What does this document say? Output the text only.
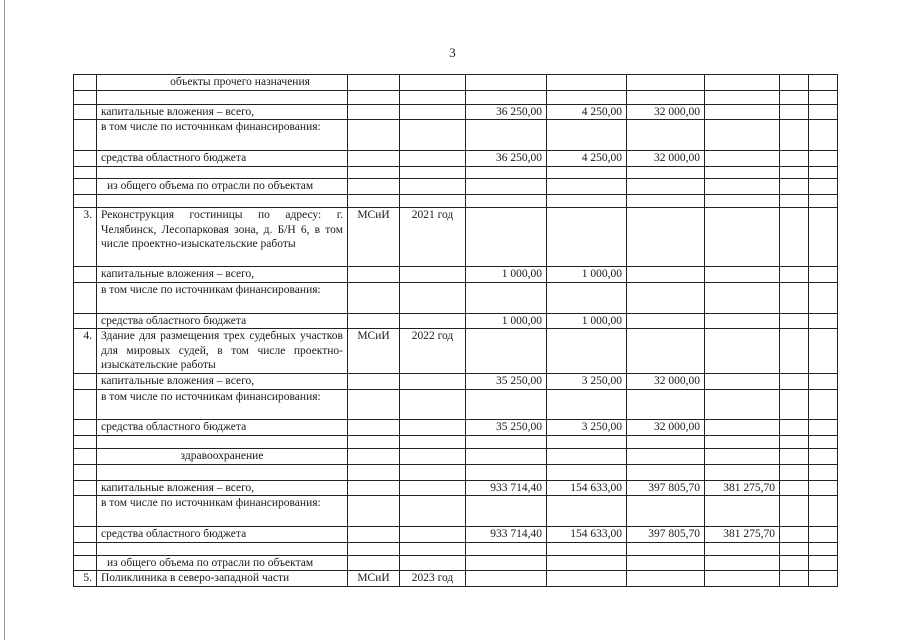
3
	объекты прочего назначения								

	капитальные вложения – всего,			36 250,00	4 250,00	32 000,00			
	в том числе по источникам финансирования:								
	средства областного бюджета			36 250,00	4 250,00	32 000,00			

	из общего объема по отрасли по объектам								

3.	Реконструкция гостиницы по адресу: г. Челябинск, Лесопарковая зона, д. Б/Н 6, в том числе проектно-изыскательские работы	МСиИ	2021 год						
	капитальные вложения – всего,			1 000,00	1 000,00				
	в том числе по источникам финансирования:								
	средства областного бюджета			1 000,00	1 000,00				
4.	Здание для размещения трех судебных участков для мировых судей, в том числе проектно-изыскательские работы	МСиИ	2022 год						
	капитальные вложения – всего,			35 250,00	3 250,00	32 000,00			
	в том числе по источникам финансирования:								
	средства областного бюджета			35 250,00	3 250,00	32 000,00			

	здравоохранение								

	капитальные вложения – всего,			933 714,40	154 633,00	397 805,70	381 275,70		
	в том числе по источникам финансирования:								
	средства областного бюджета			933 714,40	154 633,00	397 805,70	381 275,70		

	из общего объема по отрасли по объектам								
5.	Поликлиника в северо-западной части	МСиИ	2023 год						
